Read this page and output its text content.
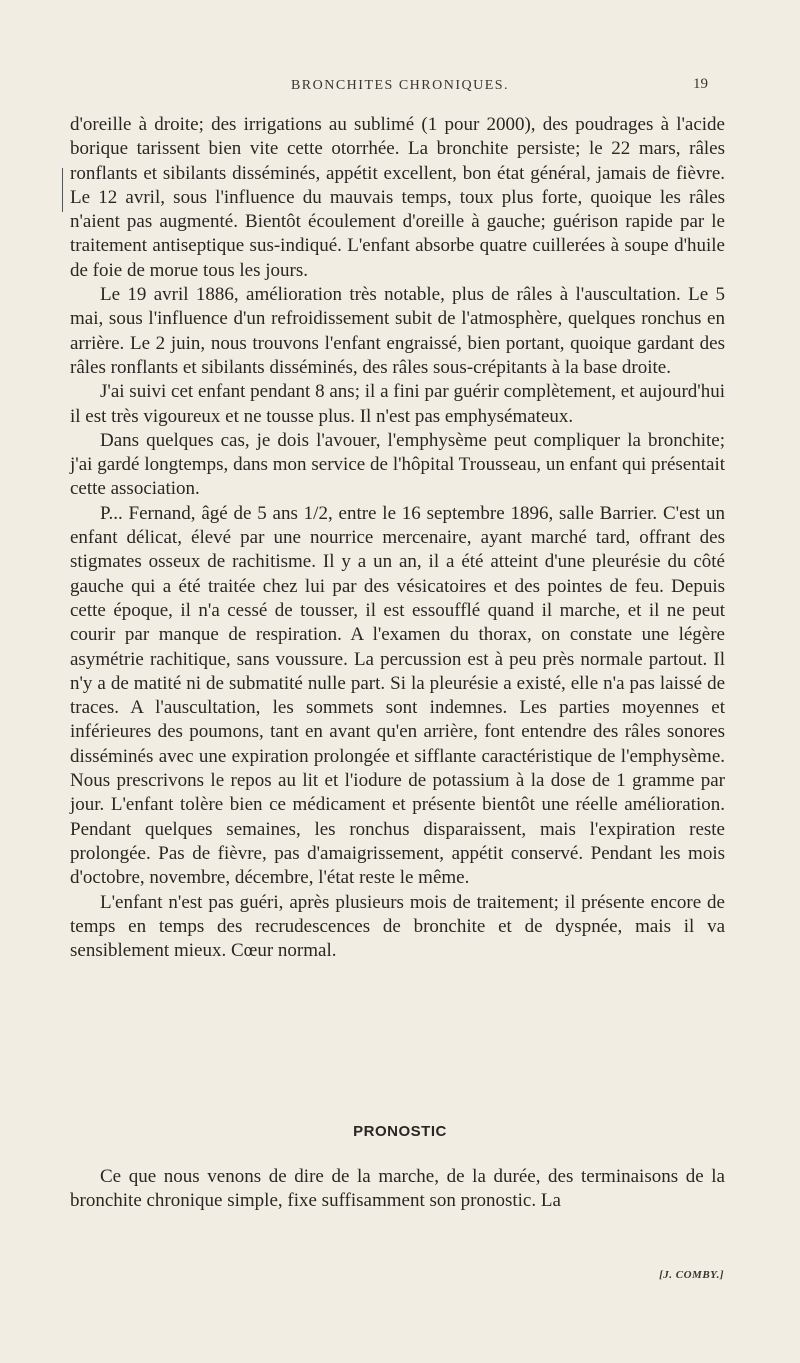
BRONCHITES CHRONIQUES.	19

d'oreille à droite; des irrigations au sublimé (1 pour 2000), des poudrages à l'acide borique tarissent bien vite cette otorrhée. La bronchite persiste; le 22 mars, râles ronflants et sibilants disséminés, appétit excellent, bon état général, jamais de fièvre. Le 12 avril, sous l'influence du mauvais temps, toux plus forte, quoique les râles n'aient pas augmenté. Bientôt écoulement d'oreille à gauche; guérison rapide par le traitement antiseptique sus-indiqué. L'enfant absorbe quatre cuillerées à soupe d'huile de foie de morue tous les jours.

Le 19 avril 1886, amélioration très notable, plus de râles à l'auscultation. Le 5 mai, sous l'influence d'un refroidissement subit de l'atmosphère, quelques ronchus en arrière. Le 2 juin, nous trouvons l'enfant engraissé, bien portant, quoique gardant des râles ronflants et sibilants disséminés, des râles sous-crépitants à la base droite.

J'ai suivi cet enfant pendant 8 ans; il a fini par guérir complètement, et aujourd'hui il est très vigoureux et ne tousse plus. Il n'est pas emphysémateux.

Dans quelques cas, je dois l'avouer, l'emphysème peut compliquer la bronchite; j'ai gardé longtemps, dans mon service de l'hôpital Trousseau, un enfant qui présentait cette association.

P... Fernand, âgé de 5 ans 1/2, entre le 16 septembre 1896, salle Barrier. C'est un enfant délicat, élevé par une nourrice mercenaire, ayant marché tard, offrant des stigmates osseux de rachitisme. Il y a un an, il a été atteint d'une pleurésie du côté gauche qui a été traitée chez lui par des vésicatoires et des pointes de feu. Depuis cette époque, il n'a cessé de tousser, il est essoufflé quand il marche, et il ne peut courir par manque de respiration. A l'examen du thorax, on constate une légère asymétrie rachitique, sans voussure. La percussion est à peu près normale partout. Il n'y a de matité ni de submatité nulle part. Si la pleurésie a existé, elle n'a pas laissé de traces. A l'auscultation, les sommets sont indemnes. Les parties moyennes et inférieures des poumons, tant en avant qu'en arrière, font entendre des râles sonores disséminés avec une expiration prolongée et sifflante caractéristique de l'emphysème. Nous prescrivons le repos au lit et l'iodure de potassium à la dose de 1 gramme par jour. L'enfant tolère bien ce médicament et présente bientôt une réelle amélioration. Pendant quelques semaines, les ronchus disparaissent, mais l'expiration reste prolongée. Pas de fièvre, pas d'amaigrissement, appétit conservé. Pendant les mois d'octobre, novembre, décembre, l'état reste le même.

L'enfant n'est pas guéri, après plusieurs mois de traitement; il présente encore de temps en temps des recrudescences de bronchite et de dyspnée, mais il va sensiblement mieux. Cœur normal.

PRONOSTIC

Ce que nous venons de dire de la marche, de la durée, des terminaisons de la bronchite chronique simple, fixe suffisamment son pronostic. La

[J. COMBY.]
